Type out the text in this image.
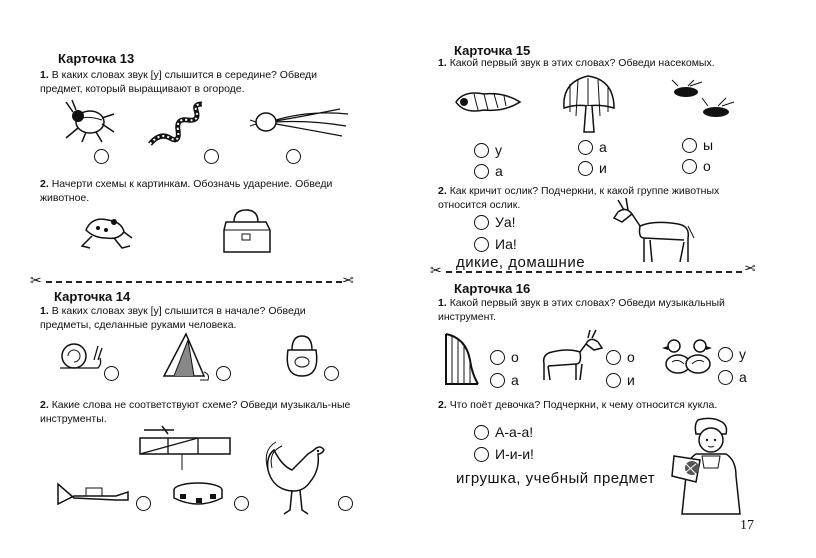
Карточка 13
1. В каких словах звук [у] слышится в середине? Обведи предмет, который выращивают в огороде.
2. Начерти схемы к картинкам. Обозначь ударение. Обведи животное.
✂	✂
Карточка 14
1. В каких словах звук [у] слышится в начале? Обведи предметы, сделанные руками человека.
2. Какие слова не соответствуют схеме? Обведи музыкаль-ные инструменты.
Карточка 15
1. Какой первый звук в этих словах? Обведи насекомых.
у
а
а
и
ы
о
2. Как кричит ослик? Подчеркни, к какой группе животных относится ослик.
Уа!
Иа!
дикие, домашние
✂	✂
Карточка 16
1. Какой первый звук в этих словах? Обведи музыкальный инструмент.
о
а
о
и
у
а
2. Что поёт девочка? Подчеркни, к чему относится кукла.
А-а-а!
И-и-и!
игрушка, учебный предмет
17
